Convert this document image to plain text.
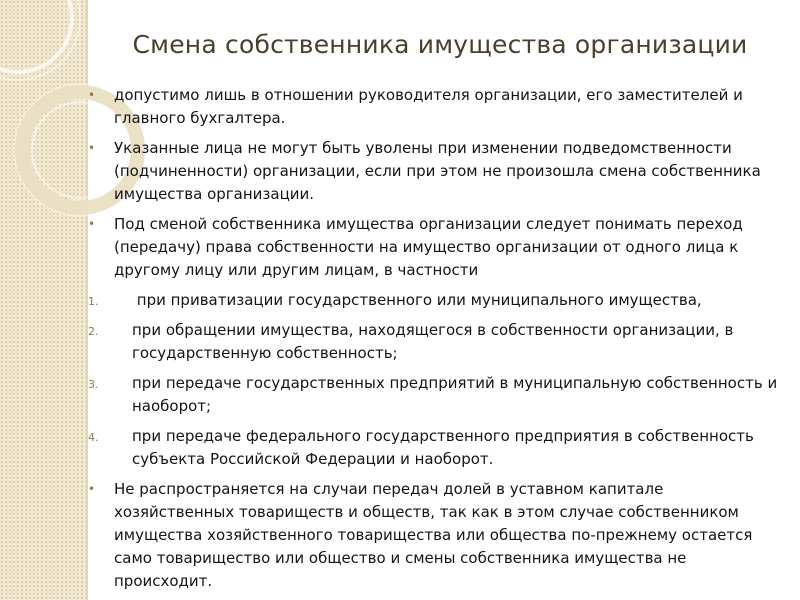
Смена собственника имущества организации
•	допустимо лишь в отношении руководителя организации, его заместителей и главного бухгалтера.
•	Указанные лица не могут быть уволены при изменении подведомственности (подчиненности) организации, если при этом не произошла смена собственника имущества организации.
•	Под сменой собственника имущества организации следует понимать переход (передачу) права собственности на имущество организации от одного лица к другому лицу или другим лицам, в частности
1. при приватизации государственного или муниципального имущества,
2. при обращении имущества, находящегося в собственности организации, в государственную собственность;
3. при передаче государственных предприятий в муниципальную собственность и наоборот;
4. при передаче федерального государственного предприятия в собственность субъекта Российской Федерации и наоборот.
•	Не распространяется на случаи передач долей в уставном капитале хозяйственных товариществ и обществ, так как в этом случае собственником имущества хозяйственного товарищества или общества по-прежнему остается само товарищество или общество и смены собственника имущества не происходит.
